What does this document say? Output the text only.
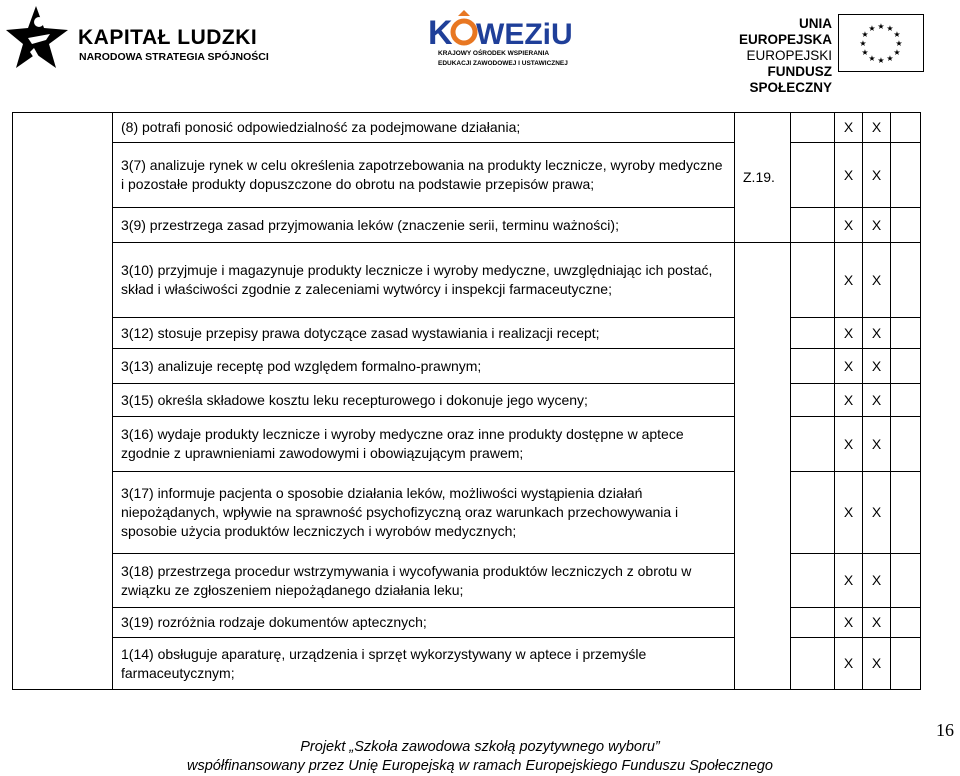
KAPITAŁ LUDZKI
NARODOWA STRATEGIA SPÓJNOŚCI
K WEZiU
KRAJOWY OŚRODEK WSPIERANIA
EDUKACJI ZAWODOWEJ I USTAWICZNEJ
UNIA EUROPEJSKA
EUROPEJSKI
FUNDUSZ SPOŁECZNY
★ ★
★
★
★
★
★
★
★
★
★
★
	(8) potrafi ponosić odpowiedzialność za podejmowane działania;	Z.19.		X	X	
	3(7) analizuje rynek w celu określenia zapotrzebowania na produkty lecznicze, wyroby medyczne i pozostałe produkty dopuszczone do obrotu na podstawie przepisów prawa;			X	X	
	3(9) przestrzega zasad przyjmowania leków (znaczenie serii, terminu ważności);			X	X	
	3(10) przyjmuje i magazynuje produkty lecznicze i wyroby medyczne, uwzględniając ich postać, skład i właściwości zgodnie z zaleceniami wytwórcy i inspekcji farmaceutyczne;			X	X	
	3(12) stosuje przepisy prawa dotyczące zasad wystawiania i realizacji recept;			X	X	
	3(13) analizuje receptę pod względem formalno-prawnym;			X	X	
	3(15) określa składowe kosztu leku recepturowego i dokonuje jego wyceny;			X	X	
	3(16) wydaje produkty lecznicze i wyroby medyczne oraz inne produkty dostępne w aptece zgodnie z uprawnieniami zawodowymi i obowiązującym prawem;			X	X	
	3(17) informuje pacjenta o sposobie działania leków, możliwości wystąpienia działań niepożądanych, wpływie na sprawność psychofizyczną oraz warunkach przechowywania i sposobie użycia produktów leczniczych i wyrobów medycznych;			X	X	
	3(18) przestrzega procedur wstrzymywania i wycofywania produktów leczniczych z obrotu w związku ze zgłoszeniem niepożądanego działania leku;			X	X	
	3(19) rozróżnia rodzaje dokumentów aptecznych;			X	X	
	1(14) obsługuje aparaturę, urządzenia i sprzęt wykorzystywany w aptece i przemyśle farmaceutycznym;			X	X	
16
Projekt „Szkoła zawodowa szkołą pozytywnego wyboru”
współfinansowany przez Unię Europejską w ramach Europejskiego Funduszu Społecznego
